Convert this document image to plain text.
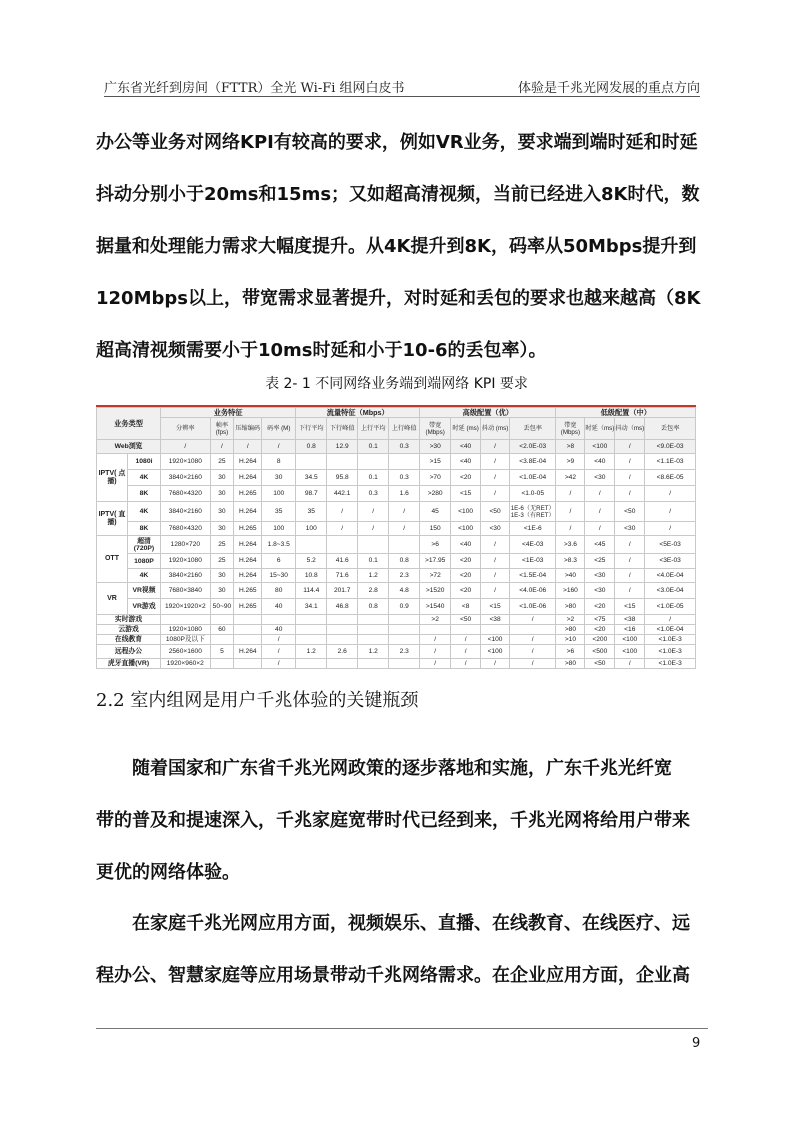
广东省光纤到房间（FTTR）全光 Wi-Fi 组网白皮书	体验是千兆光网发展的重点方向
办公等业务对网络KPI有较高的要求，例如VR业务，要求端到端时延和时延
抖动分别小于20ms和15ms；又如超高清视频，当前已经进入8K时代，数
据量和处理能力需求大幅度提升。从4K提升到8K，码率从50Mbps提升到
120Mbps以上，带宽需求显著提升，对时延和丢包的要求也越来越高（8K
超高清视频需要小于10ms时延和小于10-6的丢包率）。
表 2- 1 不同网络业务端到端网络 KPI 要求
业务类型		业务特征				流量特征（Mbps）				高级配置（优）				低级配置（中）			
		分辨率	帧率 (fps)	压缩编码	码率 (M)	下行平均	下行峰值	上行平均	上行峰值	带宽 (Mbps)	时延 (ms)	抖动 (ms)	丢包率	带宽 (Mbps)	时延（ms)	抖动（ms)	丢包率
Web浏览		/	/	/	/	0.8	12.9	0.1	0.3	>30	<40	/	<2.0E-03	>8	<100	/	<9.0E-03
IPTV( 点播)	1080i	1920×1080	25	H.264	8					>15	<40	/	<3.8E-04	>9	<40	/	<1.1E-03
	4K	3840×2160	30	H.264	30	34.5	95.8	0.1	0.3	>70	<20	/	<1.0E-04	>42	<30	/	<8.6E-05
	8K	7680×4320	30	H.265	100	98.7	442.1	0.3	1.6	>280	<15	/	<1.0-05	/	/	/	/
IPTV( 直播)	4K	3840×2160	30	H.264	35	35	/	/	/	45	<100	<50	1E-6（无RET） 1E-3（有RET）	/	/	<50	/
	8K	7680×4320	30	H.265	100	100	/	/	/	150	<100	<30	<1E-6	/	/	<30	/
OTT	超清 (720P)	1280×720	25	H.264	1.8~3.5					>6	<40	/	<4E-03	>3.6	<45	/	<5E-03
	1080P	1920×1080	25	H.264	6	5.2	41.6	0.1	0.8	>17.95	<20	/	<1E-03	>8.3	<25	/	<3E-03
	4K	3840×2160	30	H.264	15~30	10.8	71.6	1.2	2.3	>72	<20	/	<1.5E-04	>40	<30	/	<4.0E-04
VR	VR视频	7680×3840	30	H.265	80	114.4	201.7	2.8	4.8	>1520	<20	/	<4.0E-06	>160	<30	/	<3.0E-04
	VR游戏	1920×1920×2	50~90	H.265	40	34.1	46.8	0.8	0.9	>1540	<8	<15	<1.0E-06	>80	<20	<15	<1.0E-05
实时游戏										>2	<50	<38	/	>2	<75	<38	/
云游戏		1920×1080	60		40									>80	<20	<16	<1.0E-04
在线教育		1080P及以下			/					/	/	<100	/	>10	<200	<100	<1.0E-3
远程办公		2560×1600	5	H.264	/	1.2	2.6	1.2	2.3	/	/	<100	/	>6	<500	<100	<1.0E-3
虎牙直播(VR)		1920×960×2			/					/	/	/	/	>80	<50	/	<1.0E-3
2.2 室内组网是用户千兆体验的关键瓶颈
　　随着国家和广东省千兆光网政策的逐步落地和实施，广东千兆光纤宽
带的普及和提速深入，千兆家庭宽带时代已经到来，千兆光网将给用户带来
更优的网络体验。
　　在家庭千兆光网应用方面，视频娱乐、直播、在线教育、在线医疗、远
程办公、智慧家庭等应用场景带动千兆网络需求。在企业应用方面，企业高
9
